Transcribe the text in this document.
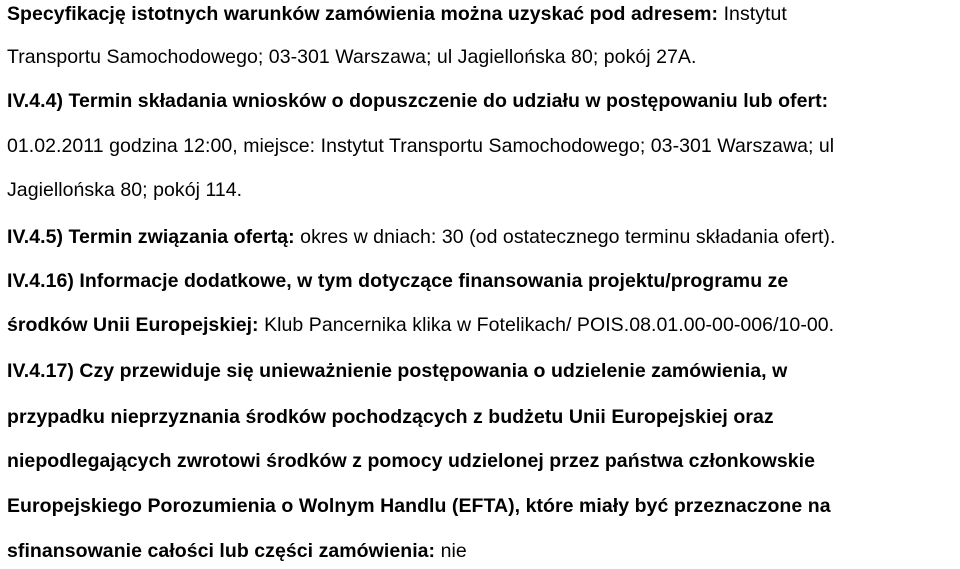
Specyfikację istotnych warunków zamówienia można uzyskać pod adresem: Instytut
Transportu Samochodowego; 03-301 Warszawa; ul Jagiellońska 80; pokój 27A.
IV.4.4) Termin składania wniosków o dopuszczenie do udziału w postępowaniu lub ofert:
01.02.2011 godzina 12:00, miejsce: Instytut Transportu Samochodowego; 03-301 Warszawa; ul
Jagiellońska 80; pokój 114.
IV.4.5) Termin związania ofertą: okres w dniach: 30 (od ostatecznego terminu składania ofert).
IV.4.16) Informacje dodatkowe, w tym dotyczące finansowania projektu/programu ze
środków Unii Europejskiej: Klub Pancernika klika w Fotelikach/ POIS.08.01.00-00-006/10-00.
IV.4.17) Czy przewiduje się unieważnienie postępowania o udzielenie zamówienia, w
przypadku nieprzyznania środków pochodzących z budżetu Unii Europejskiej oraz
niepodlegających zwrotowi środków z pomocy udzielonej przez państwa członkowskie
Europejskiego Porozumienia o Wolnym Handlu (EFTA), które miały być przeznaczone na
sfinansowanie całości lub części zamówienia: nie
